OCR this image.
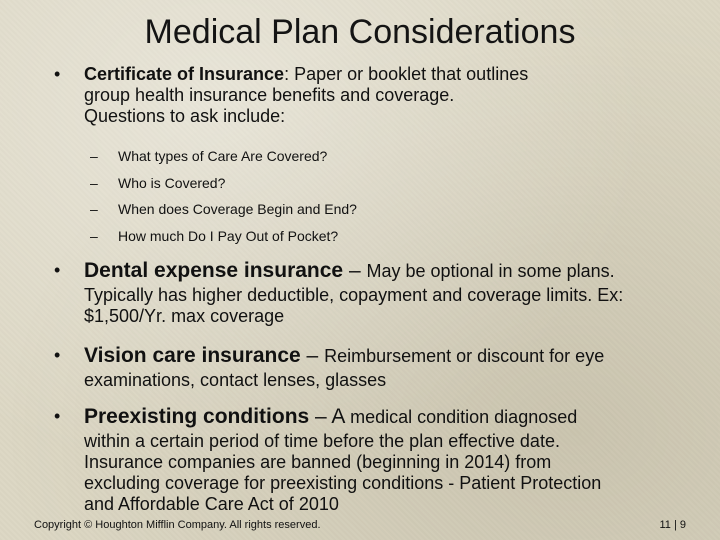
Medical Plan Considerations
• Certificate of Insurance: Paper or booklet that outlines
group health insurance benefits and coverage.
Questions to ask include:
– What types of Care Are Covered?
– Who is Covered?
– When does Coverage Begin and End?
– How much Do I Pay Out of Pocket?
• Dental expense insurance – May be optional in some plans.
Typically has higher deductible, copayment and coverage limits. Ex:
$1,500/Yr. max coverage
• Vision care insurance – Reimbursement or discount for eye
examinations, contact lenses, glasses
• Preexisting conditions – A medical condition diagnosed
within a certain period of time before the plan effective date.
Insurance companies are banned (beginning in 2014) from
excluding coverage for preexisting conditions - Patient Protection
and Affordable Care Act of 2010
Copyright © Houghton Mifflin Company. All rights reserved.	11 | 9
